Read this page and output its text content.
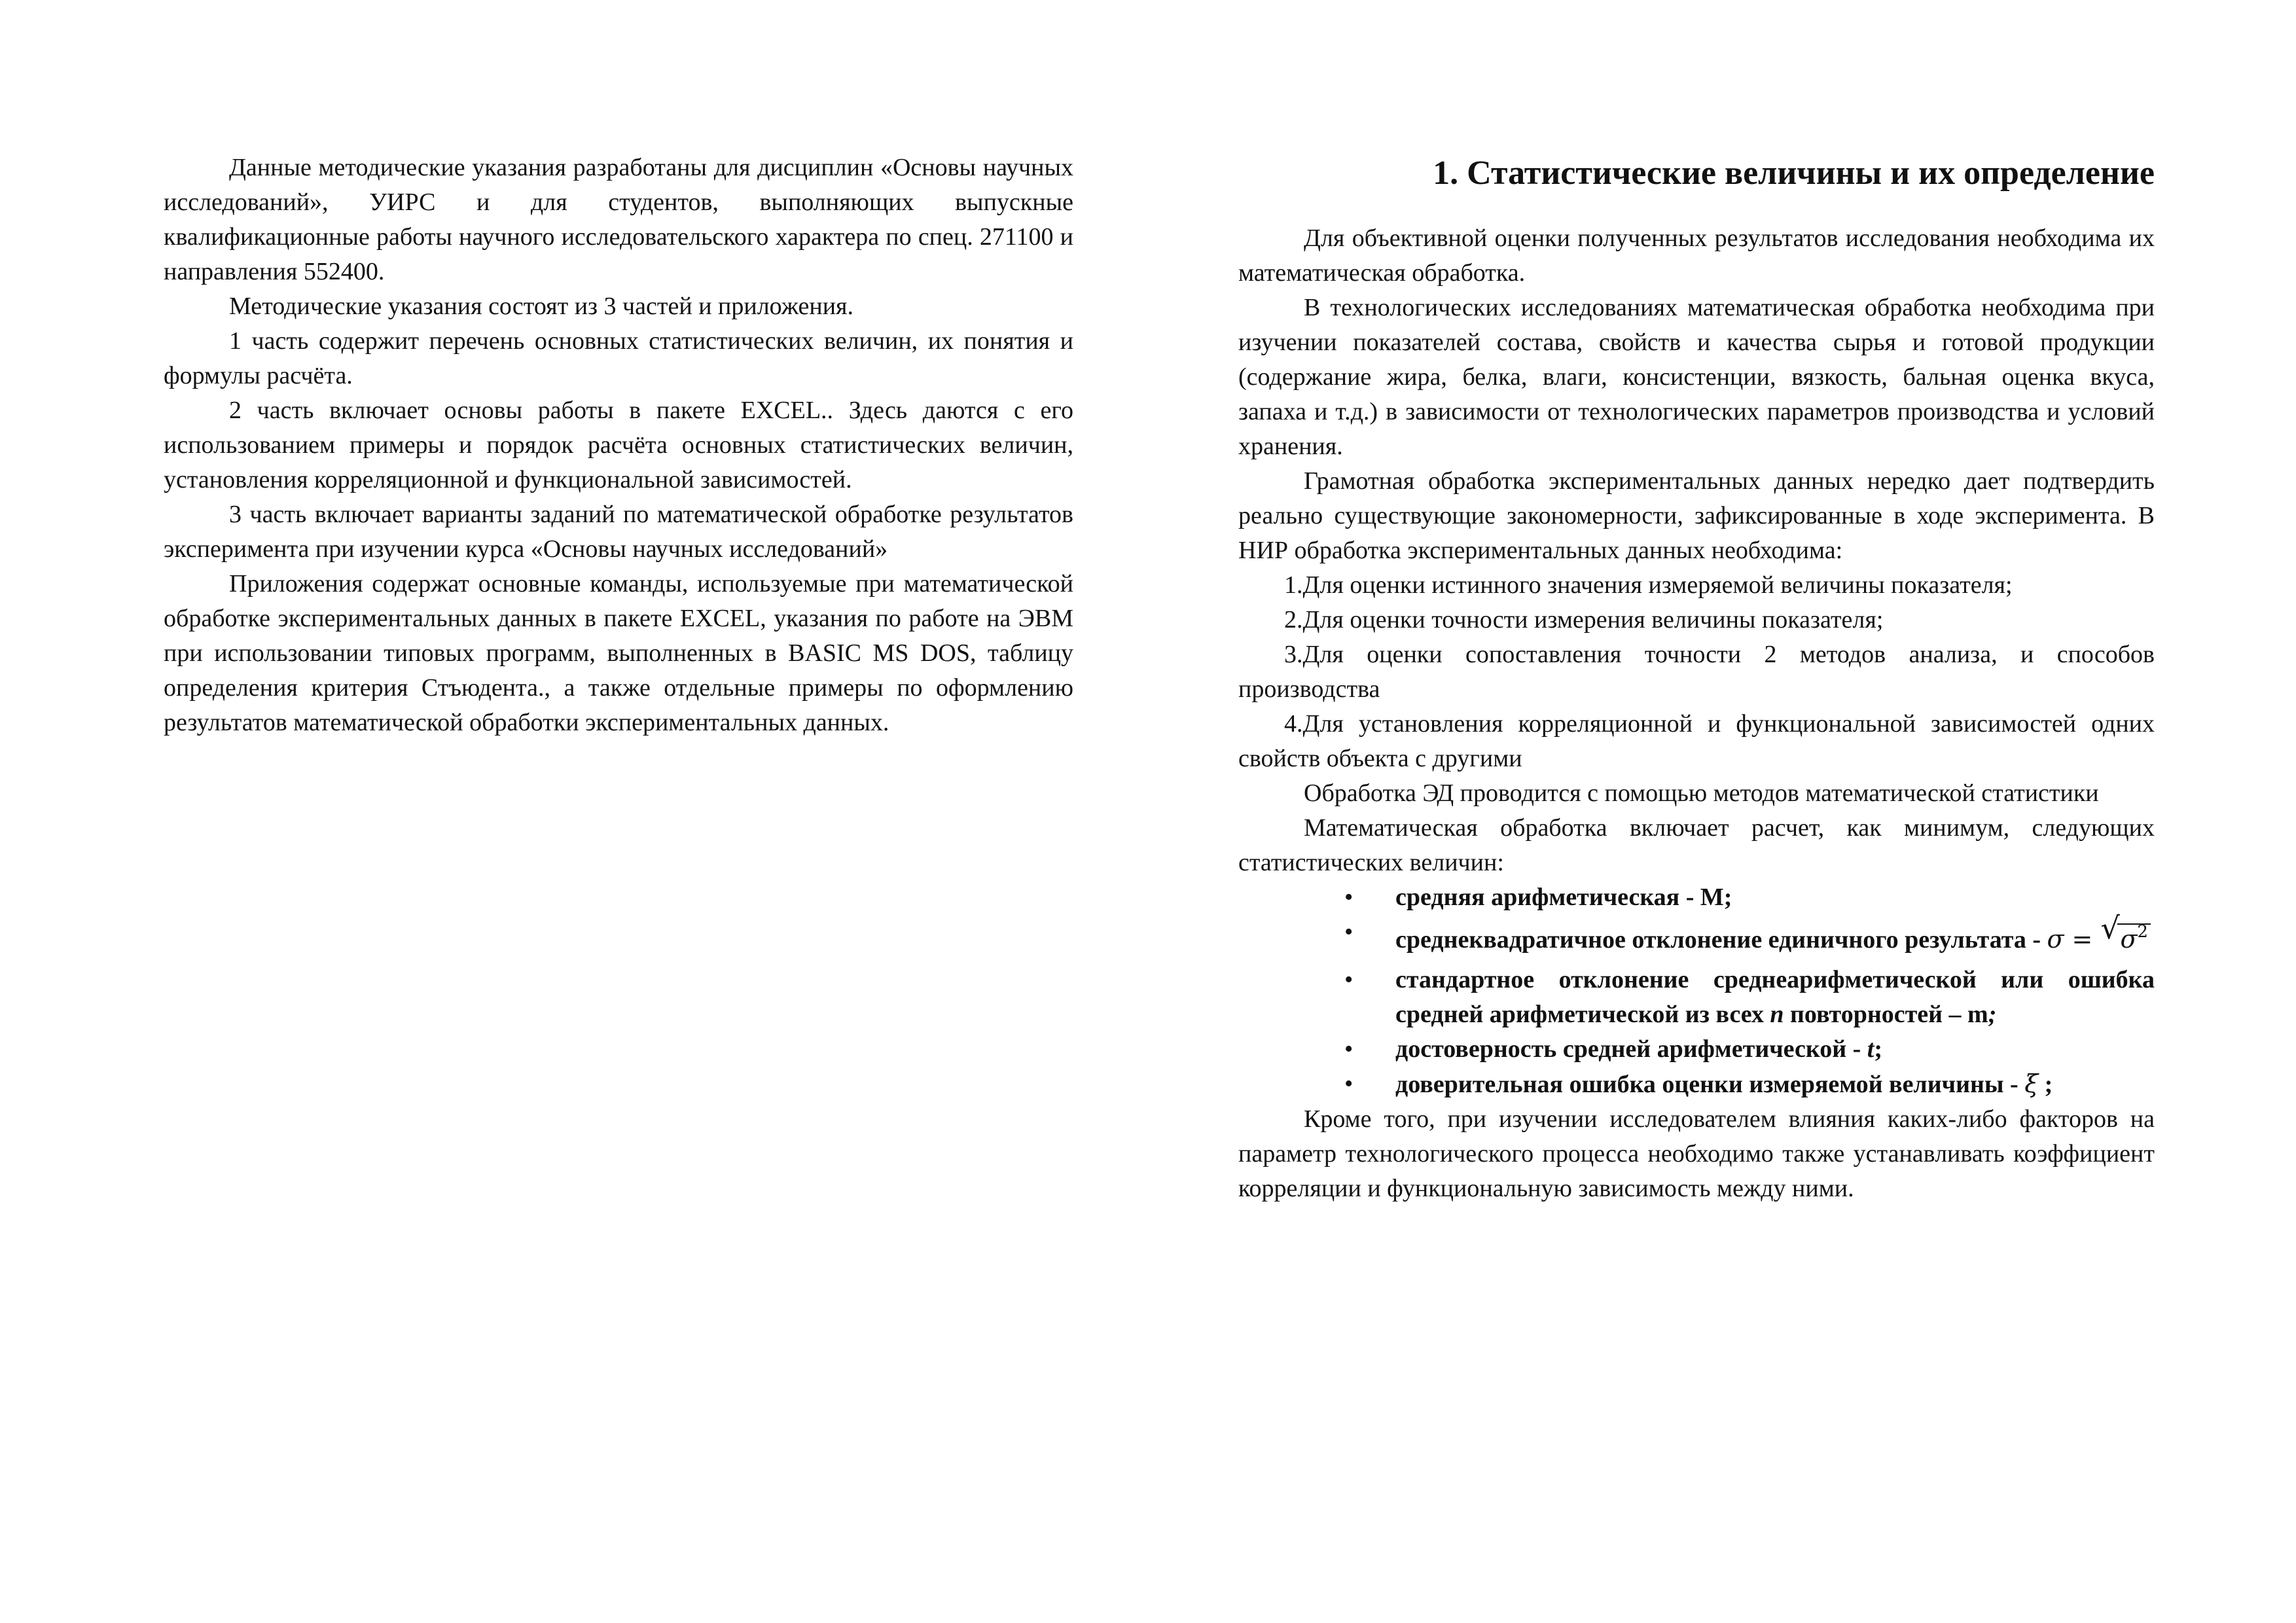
Данные методические указания разработаны для дисциплин «Основы научных исследований», УИРС и для студентов, выполняющих выпускные квалификационные работы научного исследовательского характера по спец. 271100 и направления 552400.

Методические указания состоят из 3 частей и приложения.

1 часть содержит перечень основных статистических величин, их понятия и формулы расчёта.

2 часть включает основы работы в пакете EXCEL.. Здесь даются с его использованием примеры и порядок расчёта основных статистических величин, установления корреляционной и функциональной зависимостей.

3 часть включает варианты заданий по математической обработке результатов эксперимента при изучении курса «Основы научных исследований»

Приложения содержат основные команды, используемые при математической обработке экспериментальных данных в пакете EXCEL, указания по работе на ЭВМ при использовании типовых программ, выполненных в BASIC MS DOS, таблицу определения критерия Стъюдента., а также отдельные примеры по оформлению результатов математической обработки экспериментальных данных.

1. Статистические величины и их определение

Для объективной оценки полученных результатов исследования необходима их математическая обработка.

В технологических исследованиях математическая обработка необходима при изучении показателей состава, свойств и качества сырья и готовой продукции (содержание жира, белка, влаги, консистенции, вязкость, бальная оценка вкуса, запаха и т.д.) в зависимости от технологических параметров производства и условий хранения.

Грамотная обработка экспериментальных данных нередко дает подтвердить реально существующие закономерности, зафиксированные в ходе эксперимента. В НИР обработка экспериментальных данных необходима:

1.Для оценки истинного значения измеряемой величины показателя;

2.Для оценки точности измерения величины показателя;

3.Для оценки сопоставления точности 2 методов анализа, и способов производства

4.Для установления корреляционной и функциональной зависимостей одних свойств объекта с другими

Обработка ЭД проводится с помощью методов математической статистики

Математическая обработка включает расчет, как минимум, следующих статистических величин:

• средняя арифметическая - М;
• среднеквадратичное отклонение единичного результата - σ = √ $\sigma^2$
• стандартное отклонение среднеарифметической или ошибка средней арифметической из всех n повторностей – m;
• достоверность средней арифметической - t;
• доверительная ошибка оценки измеряемой величины - ξ ;

Кроме того, при изучении исследователем влияния каких-либо факторов на параметр технологического процесса необходимо также устанавливать коэффициент корреляции и функциональную зависимость между ними.
